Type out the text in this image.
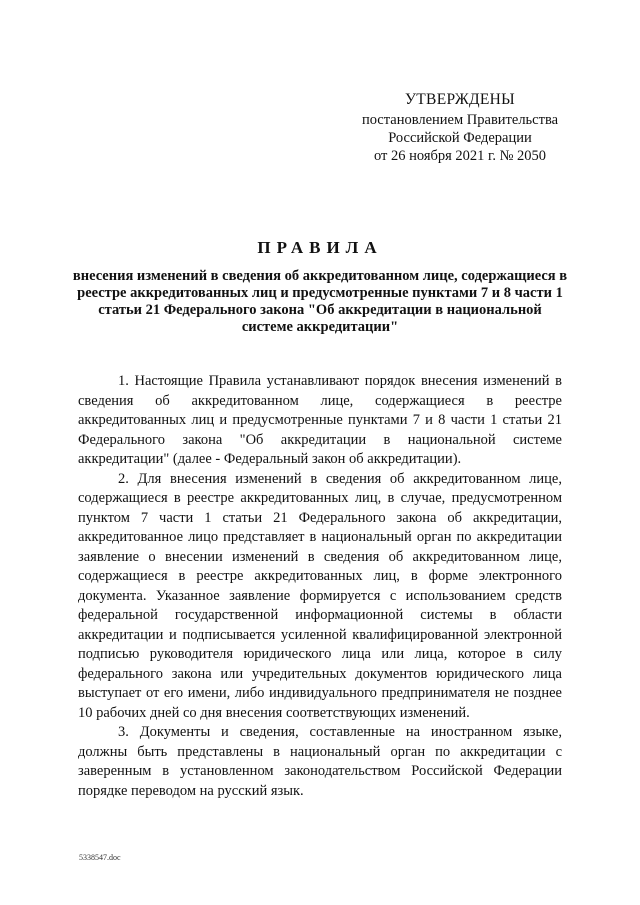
УТВЕРЖДЕНЫ
постановлением Правительства
Российской Федерации
от 26 ноября 2021 г. № 2050
ПРАВИЛА
внесения изменений в сведения об аккредитованном лице, содержащиеся в реестре аккредитованных лиц и предусмотренные пунктами 7 и 8 части 1 статьи 21 Федерального закона "Об аккредитации в национальной системе аккредитации"

1. Настоящие Правила устанавливают порядок внесения изменений в сведения об аккредитованном лице, содержащиеся в реестре аккредитованных лиц и предусмотренные пунктами 7 и 8 части 1 статьи 21 Федерального закона "Об аккредитации в национальной системе аккредитации" (далее - Федеральный закон об аккредитации).

2. Для внесения изменений в сведения об аккредитованном лице, содержащиеся в реестре аккредитованных лиц, в случае, предусмотренном пунктом 7 части 1 статьи 21 Федерального закона об аккредитации, аккредитованное лицо представляет в национальный орган по аккредитации заявление о внесении изменений в сведения об аккредитованном лице, содержащиеся в реестре аккредитованных лиц, в форме электронного документа. Указанное заявление формируется с использованием средств федеральной государственной информационной системы в области аккредитации и подписывается усиленной квалифицированной электронной подписью руководителя юридического лица или лица, которое в силу федерального закона или учредительных документов юридического лица выступает от его имени, либо индивидуального предпринимателя не позднее 10 рабочих дней со дня внесения соответствующих изменений.

3. Документы и сведения, составленные на иностранном языке, должны быть представлены в национальный орган по аккредитации с заверенным в установленном законодательством Российской Федерации порядке переводом на русский язык.

5338547.doc
